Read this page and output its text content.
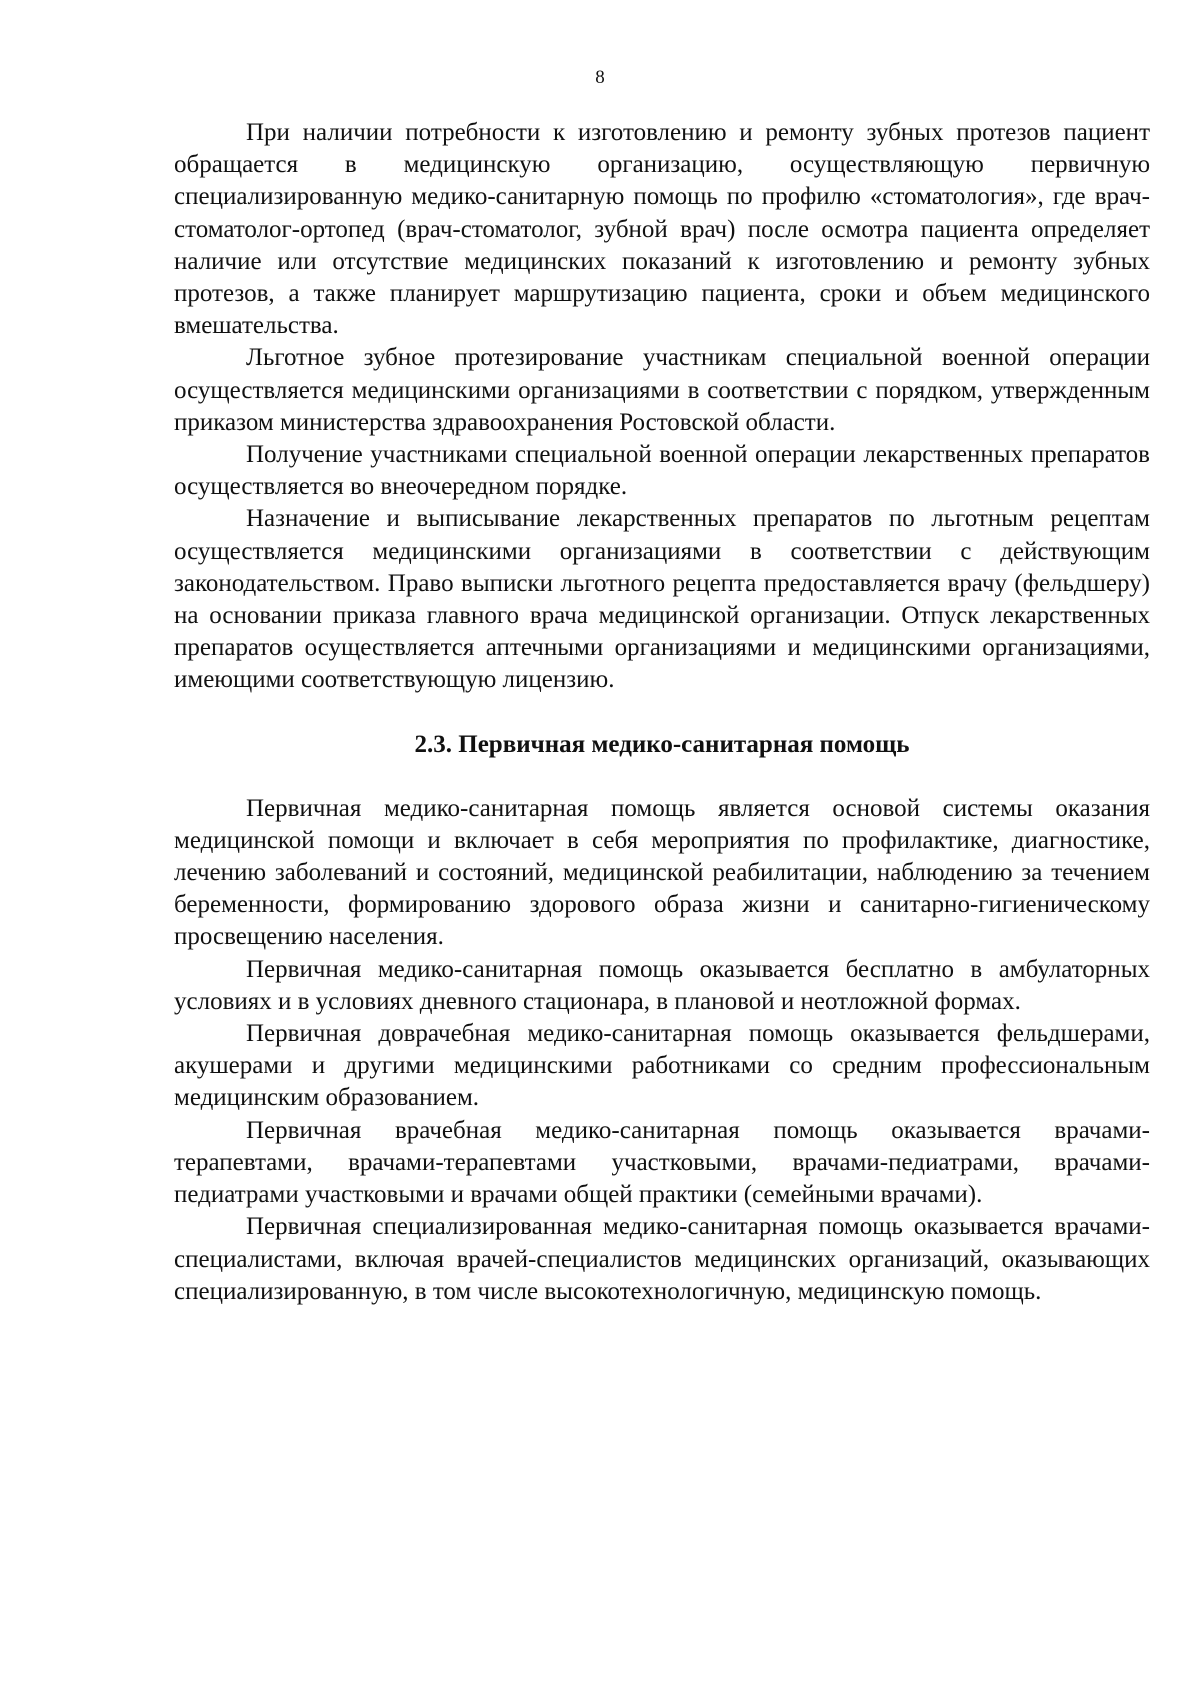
8

При наличии потребности к изготовлению и ремонту зубных протезов пациент обращается в медицинскую организацию, осуществляющую первичную специализированную медико-санитарную помощь по профилю «стоматология», где врач-стоматолог-ортопед (врач-стоматолог, зубной врач) после осмотра пациента определяет наличие или отсутствие медицинских показаний к изготовлению и ремонту зубных протезов, а также планирует маршрутизацию пациента, сроки и объем медицинского вмешательства.

Льготное зубное протезирование участникам специальной военной операции осуществляется медицинскими организациями в соответствии с порядком, утвержденным приказом министерства здравоохранения Ростовской области.

Получение участниками специальной военной операции лекарственных препаратов осуществляется во внеочередном порядке.

Назначение и выписывание лекарственных препаратов по льготным рецептам осуществляется медицинскими организациями в соответствии с действующим законодательством. Право выписки льготного рецепта предоставляется врачу (фельдшеру) на основании приказа главного врача медицинской организации. Отпуск лекарственных препаратов осуществляется аптечными организациями и медицинскими организациями, имеющими соответствующую лицензию.

2.3. Первичная медико-санитарная помощь

Первичная медико-санитарная помощь является основой системы оказания медицинской помощи и включает в себя мероприятия по профилактике, диагностике, лечению заболеваний и состояний, медицинской реабилитации, наблюдению за течением беременности, формированию здорового образа жизни и санитарно-гигиеническому просвещению населения.

Первичная медико-санитарная помощь оказывается бесплатно в амбулаторных условиях и в условиях дневного стационара, в плановой и неотложной формах.

Первичная доврачебная медико-санитарная помощь оказывается фельдшерами, акушерами и другими медицинскими работниками со средним профессиональным медицинским образованием.

Первичная врачебная медико-санитарная помощь оказывается врачами-терапевтами, врачами-терапевтами участковыми, врачами-педиатрами, врачами-педиатрами участковыми и врачами общей практики (семейными врачами).

Первичная специализированная медико-санитарная помощь оказывается врачами-специалистами, включая врачей-специалистов медицинских организаций, оказывающих специализированную, в том числе высокотехнологичную, медицинскую помощь.
